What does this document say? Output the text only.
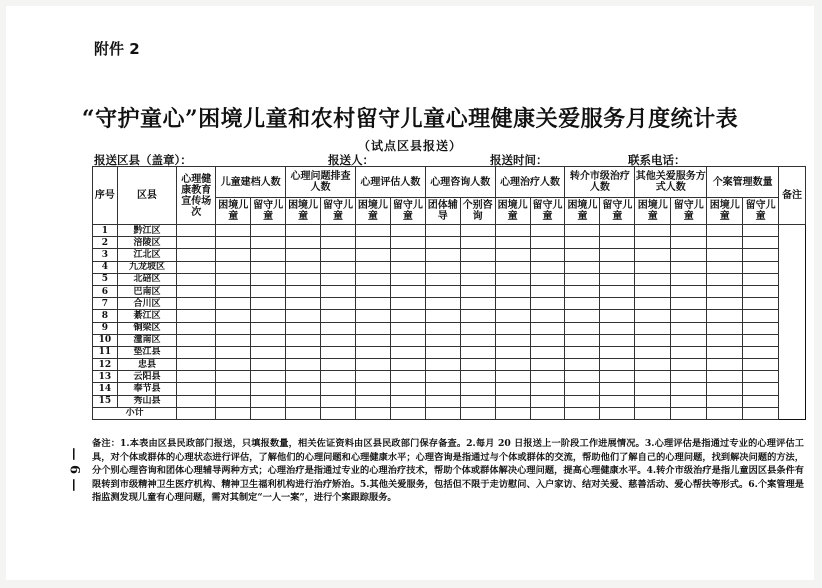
附件 2
“守护童心”困境儿童和农村留守儿童心理健康关爱服务月度统计表
（试点区县报送）
报送区县（盖章）：	报送人：	报送时间：	联系电话：
序号	区县	心理健康教育宣传场次	儿童建档人数		心理问题排查人数		心理评估人数		心理咨询人数		心理治疗人数		转介市级治疗人数		其他关爱服务方式人数		个案管理数量		备注
			困境儿童	留守儿童	困境儿童	留守儿童	困境儿童	留守儿童	团体辅导	个别咨询	困境儿童	留守儿童	困境儿童	留守儿童	困境儿童	留守儿童	困境儿童	留守儿童	
1	黔江区																		
2	涪陵区																		
3	江北区																		
4	九龙坡区																		
5	北碚区																		
6	巴南区																		
7	合川区																		
8	綦江区																		
9	铜梁区																		
10	潼南区																		
11	垫江县																		
12	忠县																		
13	云阳县																		
14	奉节县																		
15	秀山县																		
小计																			
备注：1.本表由区县民政部门报送，只填报数量，相关佐证资料由区县民政部门保存备查。2.每月 20 日报送上一阶段工作进展情况。3.心理评估是指通过专业的心理评估工具，对个体或群体的心理状态进行评估，了解他们的心理问题和心理健康水平；心理咨询是指通过与个体或群体的交流，帮助他们了解自己的心理问题，找到解决问题的方法，分个别心理咨询和团体心理辅导两种方式；心理治疗是指通过专业的心理治疗技术，帮助个体或群体解决心理问题，提高心理健康水平。4.转介市级治疗是指儿童因区县条件有限转到市级精神卫生医疗机构、精神卫生福利机构进行治疗矫治。5.其他关爱服务，包括但不限于走访慰问、入户家访、结对关爱、慈善活动、爱心帮扶等形式。6.个案管理是指监测发现儿童有心理问题，需对其制定“一人一案”，进行个案跟踪服务。
— 6 —
